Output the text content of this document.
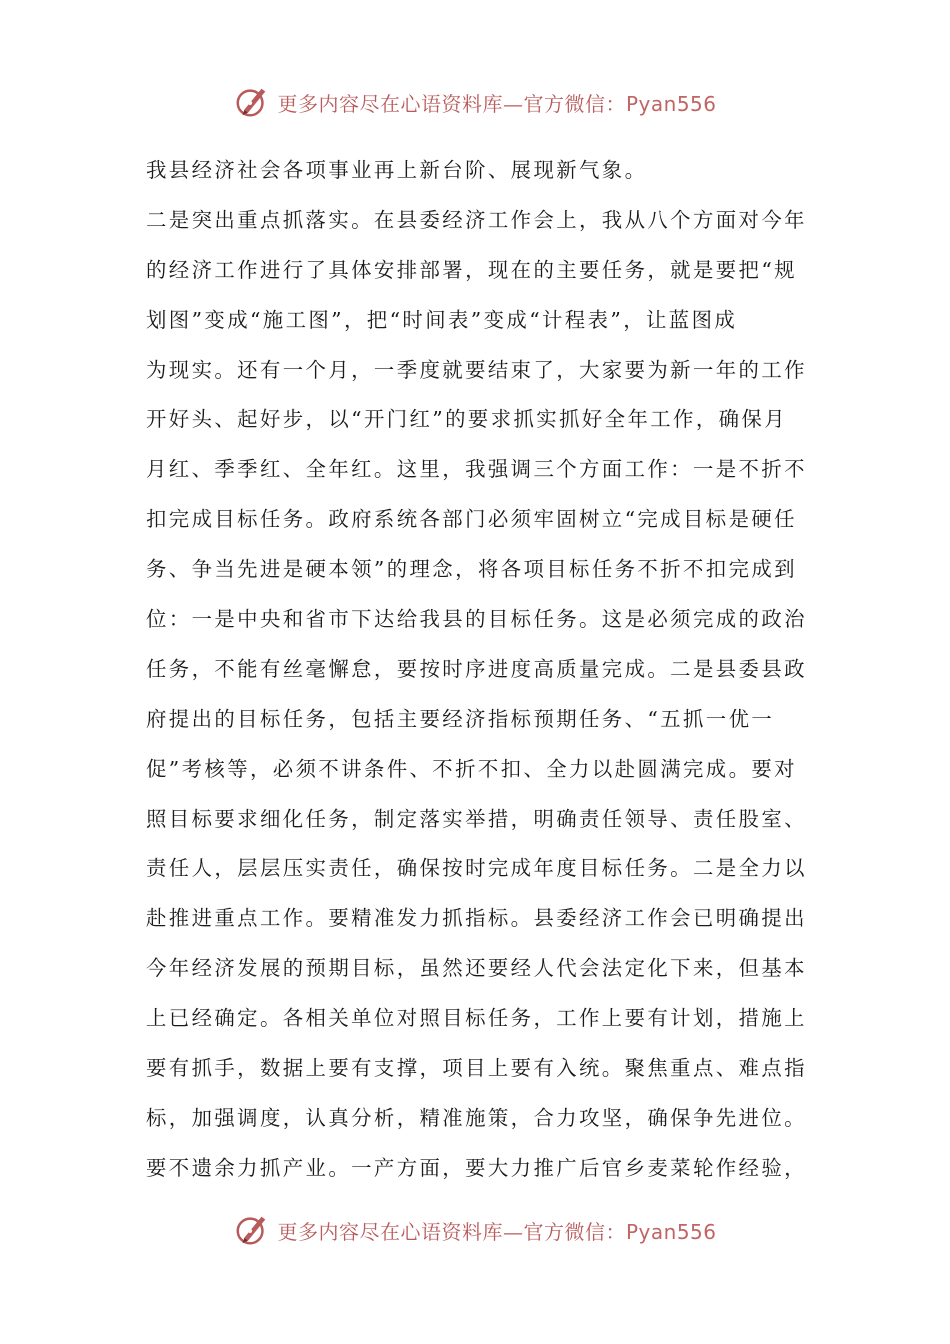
更多内容尽在心语资料库—官方微信：Pyan556
我县经济社会各项事业再上新台阶、展现新气象。
二是突出重点抓落实。在县委经济工作会上，我从八个方面对今年
的经济工作进行了具体安排部署，现在的主要任务，就是要把“规
划图”变成“施工图”，把“时间表”变成“计程表”，让蓝图成
为现实。还有一个月，一季度就要结束了，大家要为新一年的工作
开好头、起好步，以“开门红”的要求抓实抓好全年工作，确保月
月红、季季红、全年红。这里，我强调三个方面工作：一是不折不
扣完成目标任务。政府系统各部门必须牢固树立“完成目标是硬任
务、争当先进是硬本领”的理念，将各项目标任务不折不扣完成到
位：一是中央和省市下达给我县的目标任务。这是必须完成的政治
任务，不能有丝毫懈怠，要按时序进度高质量完成。二是县委县政
府提出的目标任务，包括主要经济指标预期任务、“五抓一优一
促”考核等，必须不讲条件、不折不扣、全力以赴圆满完成。要对
照目标要求细化任务，制定落实举措，明确责任领导、责任股室、
责任人，层层压实责任，确保按时完成年度目标任务。二是全力以
赴推进重点工作。要精准发力抓指标。县委经济工作会已明确提出
今年经济发展的预期目标，虽然还要经人代会法定化下来，但基本
上已经确定。各相关单位对照目标任务，工作上要有计划，措施上
要有抓手，数据上要有支撑，项目上要有入统。聚焦重点、难点指
标，加强调度，认真分析，精准施策，合力攻坚，确保争先进位。
要不遗余力抓产业。一产方面，要大力推广后官乡麦菜轮作经验，
更多内容尽在心语资料库—官方微信：Pyan556
